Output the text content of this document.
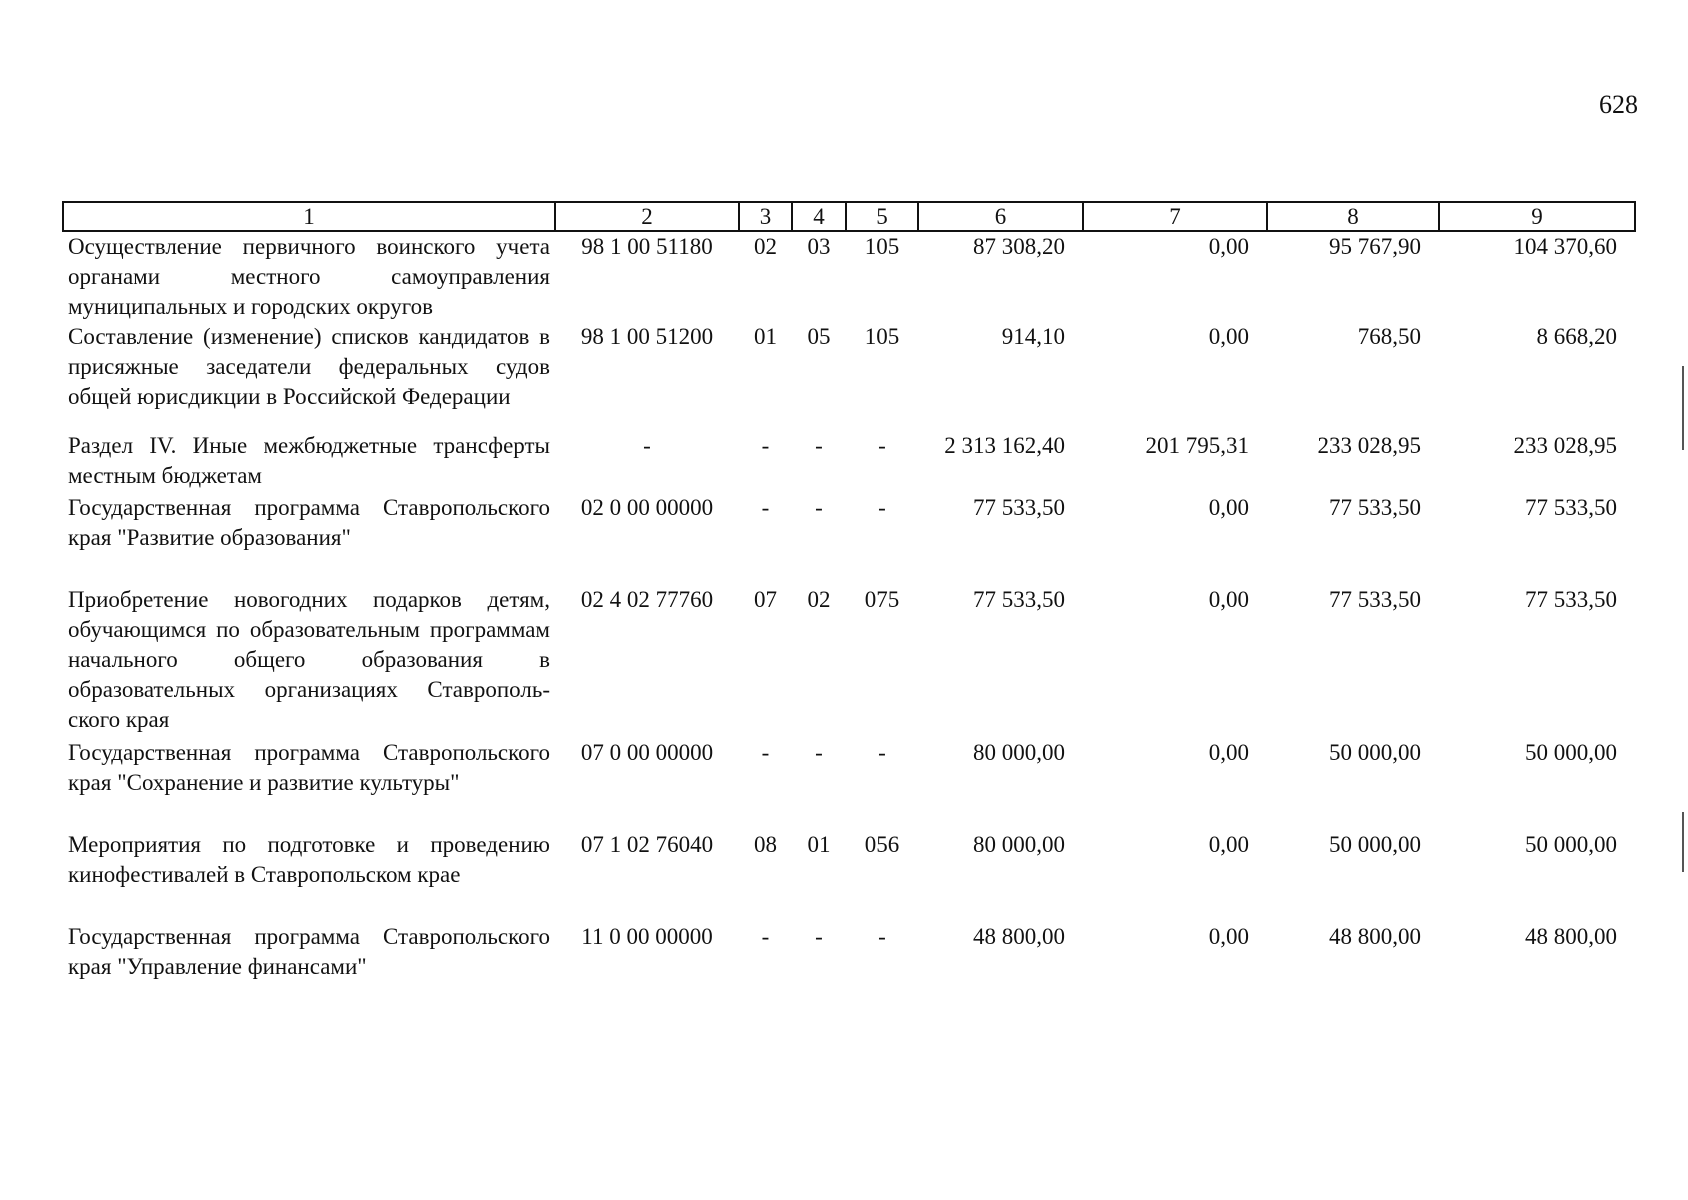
628
1	2	3	4	5	6	7	8	9
Осуществление первичного воинского учета органами местного самоуправления муниципальных и городских округов	98 1 00 51180	02	03	105	87 308,20	0,00	95 767,90	104 370,60
Составление (изменение) списков кандидатов в присяжные заседатели федеральных судов общей юрисдикции в Российской Федерации	98 1 00 51200	01	05	105	914,10	0,00	768,50	8 668,20
Раздел IV. Иные межбюджетные трансферты местным бюджетам	-	-	-	-	2 313 162,40	201 795,31	233 028,95	233 028,95
Государственная программа Ставропольского края "Развитие образования"	02 0 00 00000	-	-	-	77 533,50	0,00	77 533,50	77 533,50
Приобретение новогодних подарков детям, обучающимся по образовательным программам начального общего образования в образовательных организациях Ставрополь-ского края	02 4 02 77760	07	02	075	77 533,50	0,00	77 533,50	77 533,50
Государственная программа Ставропольского края "Сохранение и развитие культуры"	07 0 00 00000	-	-	-	80 000,00	0,00	50 000,00	50 000,00
Мероприятия по подготовке и проведению кинофестивалей в Ставропольском крае	07 1 02 76040	08	01	056	80 000,00	0,00	50 000,00	50 000,00
Государственная программа Ставропольского края "Управление финансами"	11 0 00 00000	-	-	-	48 800,00	0,00	48 800,00	48 800,00
